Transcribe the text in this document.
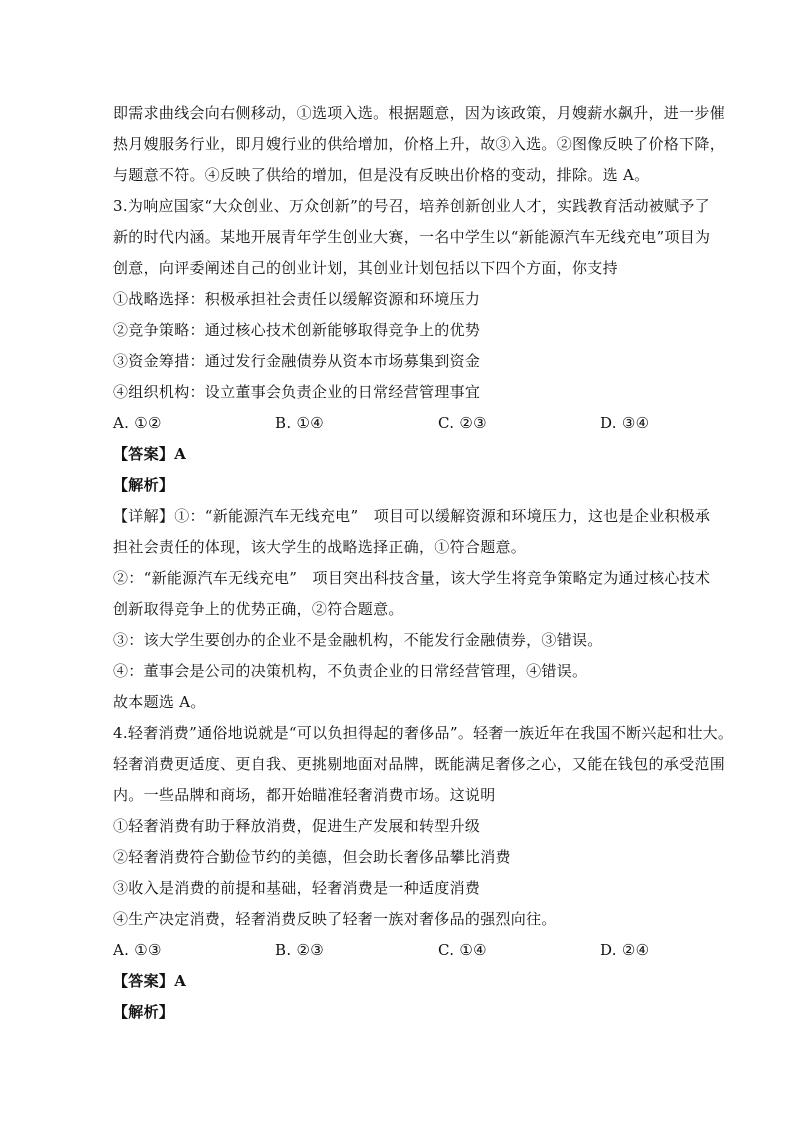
即需求曲线会向右侧移动，①选项入选。根据题意，因为该政策，月嫂薪水飙升，进一步催
热月嫂服务行业，即月嫂行业的供给增加，价格上升，故③入选。②图像反映了价格下降，
与题意不符。④反映了供给的增加，但是没有反映出价格的变动，排除。选 A。
3.为响应国家“大众创业、万众创新”的号召，培养创新创业人才，实践教育活动被赋予了
新的时代内涵。某地开展青年学生创业大赛，一名中学生以“新能源汽车无线充电”项目为
创意，向评委阐述自己的创业计划，其创业计划包括以下四个方面，你支持
①战略选择：积极承担社会责任以缓解资源和环境压力
②竞争策略：通过核心技术创新能够取得竞争上的优势
③资金筹措：通过发行金融债券从资本市场募集到资金
④组织机构：设立董事会负责企业的日常经营管理事宜
A. ①②	B. ①④	C. ②③	D. ③④
【答案】A
【解析】
【详解】①：“新能源汽车无线充电”　项目可以缓解资源和环境压力，这也是企业积极承
担社会责任的体现，该大学生的战略选择正确，①符合题意。
②：“新能源汽车无线充电”　项目突出科技含量，该大学生将竞争策略定为通过核心技术
创新取得竞争上的优势正确，②符合题意。
③：该大学生要创办的企业不是金融机构，不能发行金融债券，③错误。
④：董事会是公司的决策机构，不负责企业的日常经营管理，④错误。
故本题选 A。
4.轻奢消费”通俗地说就是“可以负担得起的奢侈品”。轻奢一族近年在我国不断兴起和壮大。
轻奢消费更适度、更自我、更挑剔地面对品牌，既能满足奢侈之心，又能在钱包的承受范围
内。一些品牌和商场，都开始瞄准轻奢消费市场。这说明
①轻奢消费有助于释放消费，促进生产发展和转型升级
②轻奢消费符合勤俭节约的美德，但会助长奢侈品攀比消费
③收入是消费的前提和基础，轻奢消费是一种适度消费
④生产决定消费，轻奢消费反映了轻奢一族对奢侈品的强烈向往。
A. ①③	B. ②③	C. ①④	D. ②④
【答案】A
【解析】
